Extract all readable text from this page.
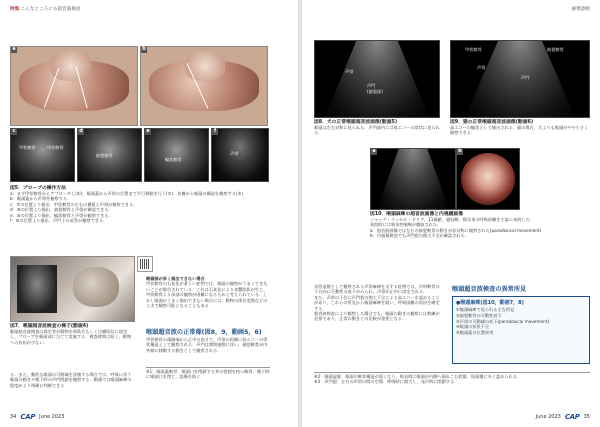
特集 こんなところにも超音波検査
a	b
c
甲状軟骨	甲状軟骨
d
披裂軟骨
e
輪状軟骨
f
声帯
図5．プローブの操作方法
a：まず甲状軟骨からアプローチし(①)，喉頭蓋から声帯の位置まで平行移動を行う(②)．皮膚から喉頭の構造を観察する(③)．
b：喉頭蓋から声帯を観察する．
c：⑦の位置より描出．甲状軟骨の左右の翼板と声帯が観察できる．
d：⑧の位置より描出．披裂軟骨と声帯が確認できる．
e：⑨の位置より描出．輪状軟骨と声帯が観察できる．
f：⑩の位置より描出．声門下の気管が観察できる．
図7．喉頭超音波検査の様子(動画4)
喉頭超音波検査は保定者が動物を仰臥位もしくは横臥位に保定し，プローブを喉頭部に当てて実施する．検査時間は短く，動物への負担が少ない．
る．また，動的な喉頭の可動域を評価する場合では，呼吸に伴う喉頭の動きや嚥下時の声門閉鎖を観察する．動画では喉頭麻痺の程度がより明確に判断できる．
喉頭部が多く描出できない場合
甲状軟骨の石灰化が著しい症例では，喉頭の観察がうまくできないことが報告されている．これは石灰化により音響陰影が生じ，甲状軟骨より深部の観察が困難になるためと考えられている．しかし喉頭がうまく描出できない場合には，動物の体位変換などの工夫で観察可能となることもある．
喉頭超音波の正常像(図8，9，動画5，6)
甲状軟骨の頭側端から正中の高さで，声帯の両側に低エコーの帯状構造として観察される．声門は開閉運動に伴い，披裂軟骨が内外側に移動する動きとして観察される．
※1：喉頭蓋軟骨：喉頭口を閉鎖する弁の役割を持つ軟骨．嚥下時に喉頭口を閉じ，誤嚥を防ぐ．
34 CAP June 2023
画像診断
声帯
声門
(披裂部)
図8．犬の正常喉頭超音波画像(動画5)
喉頭は左右対称に見られる．声門部内には低エコーの帯状に見られる．
甲状軟骨	披裂軟骨
声帯
声門
図9．猫の正常喉頭超音波画像(動画6)
高エコーの輪状として描出される．猫の場合，犬よりも喉頭がやや小さく観察できる．
a	b
図10．喉頭麻痺の超音波画像と内視鏡画像
ジャック・ラッセル・テリア，11歳齢，避妊雌．数年来の呼吸困難を主訴に来院した．
来院時には吸気性喘鳴が聴取された．
a：超音波画像では左右の披裂軟骨の動きが非対称に観察された(paradoxical movement)．
b：内視鏡検査でも声門裂の開大不全が確認された．
気管虚脱として観察される声帯麻痺を呈する症例では，声帯軟骨の下方向に可動性の低下がみられ，声帯が正中に固定される．
また，声帯の下位に声門裂の開大不全による高エコーを認めることがあり，これらの所見から喉頭麻痺を疑い，呼吸困難の原因を確定する．
超音波検査により観察した場合でも，喉頭の動きの観察には熟練が必要であり，正常の動きとの比較が重要となる．
喉頭超音波検査の異常所見
●喉頭麻痺(図10，動画7，8)
①喉頭麻痺で見られる主な所見
②披裂軟骨の可動性低下
③声帯の可動域の低下(paradoxical movement)
④喉頭の拡張不全
⑤喉頭蓋の位置異常
※2：喉頭虚脱：喉頭の軟骨構造が弱くなり，吸気時に喉頭が内側へ倒れこむ状態．短頭種に多く認められる．
※3：声門裂：左右の声帯の間の空間．呼吸時に開大し，発声時に閉鎖する．
June 2023 CAP 35
